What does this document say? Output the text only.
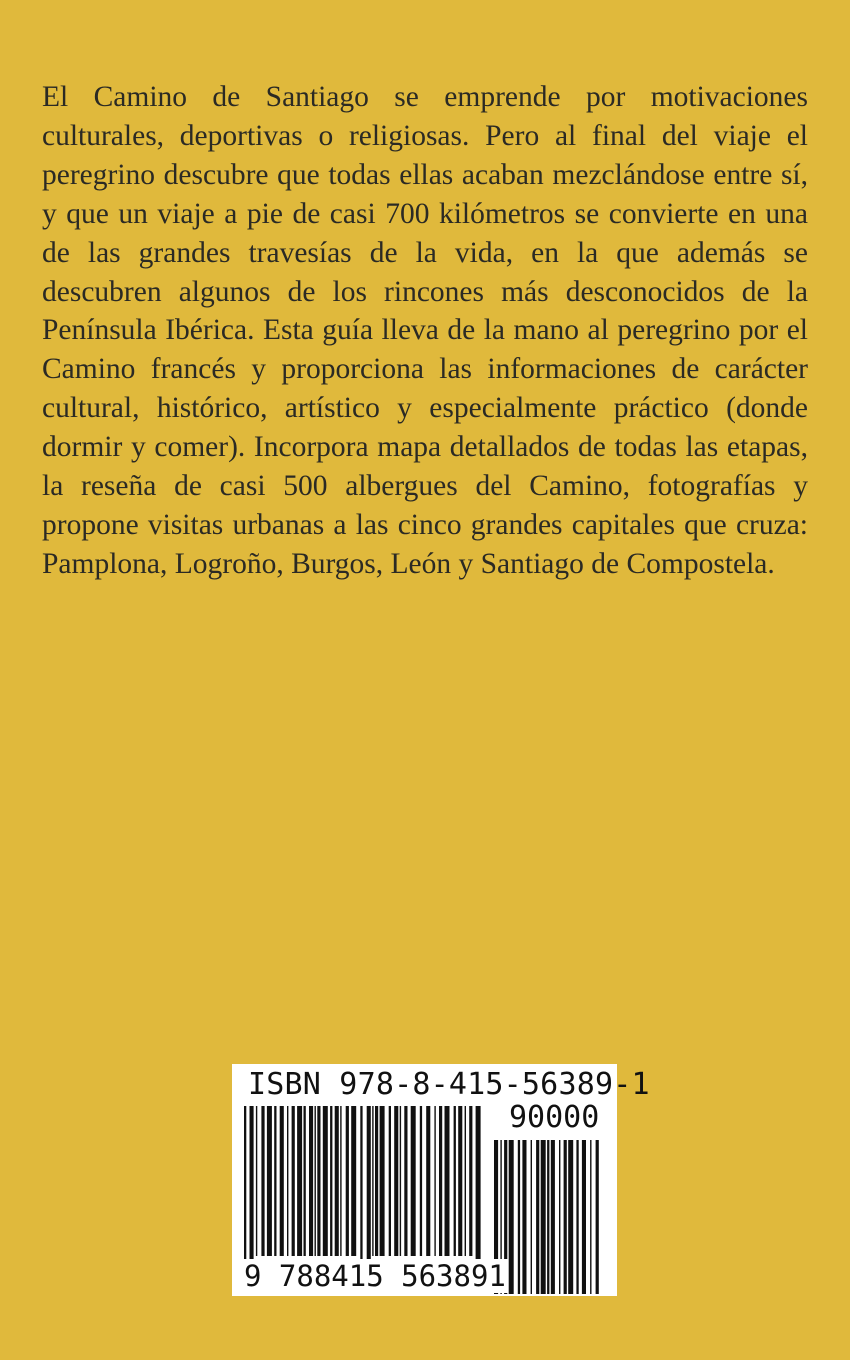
El Camino de Santiago se emprende por motivaciones culturales, deportivas o religiosas. Pero al final del viaje el peregrino descubre que todas ellas acaban mezclándose entre sí, y que un viaje a pie de casi 700 kilómetros se convierte en una de las grandes travesías de la vida, en la que además se descubren algunos de los rincones más desconocidos de la Península Ibérica. Esta guía lleva de la mano al peregrino por el Camino francés y proporciona las informaciones de carácter cultural, histórico, artístico y especialmente práctico (donde dormir y comer). Incorpora mapa detallados de todas las etapas, la reseña de casi 500 albergues del Camino, fotografías y propone visitas urbanas a las cinco grandes capitales que cruza: Pamplona, Logroño, Burgos, León y Santiago de Compostela.

ISBN 978-8-415-56389-1

90000

9 788415 563891
